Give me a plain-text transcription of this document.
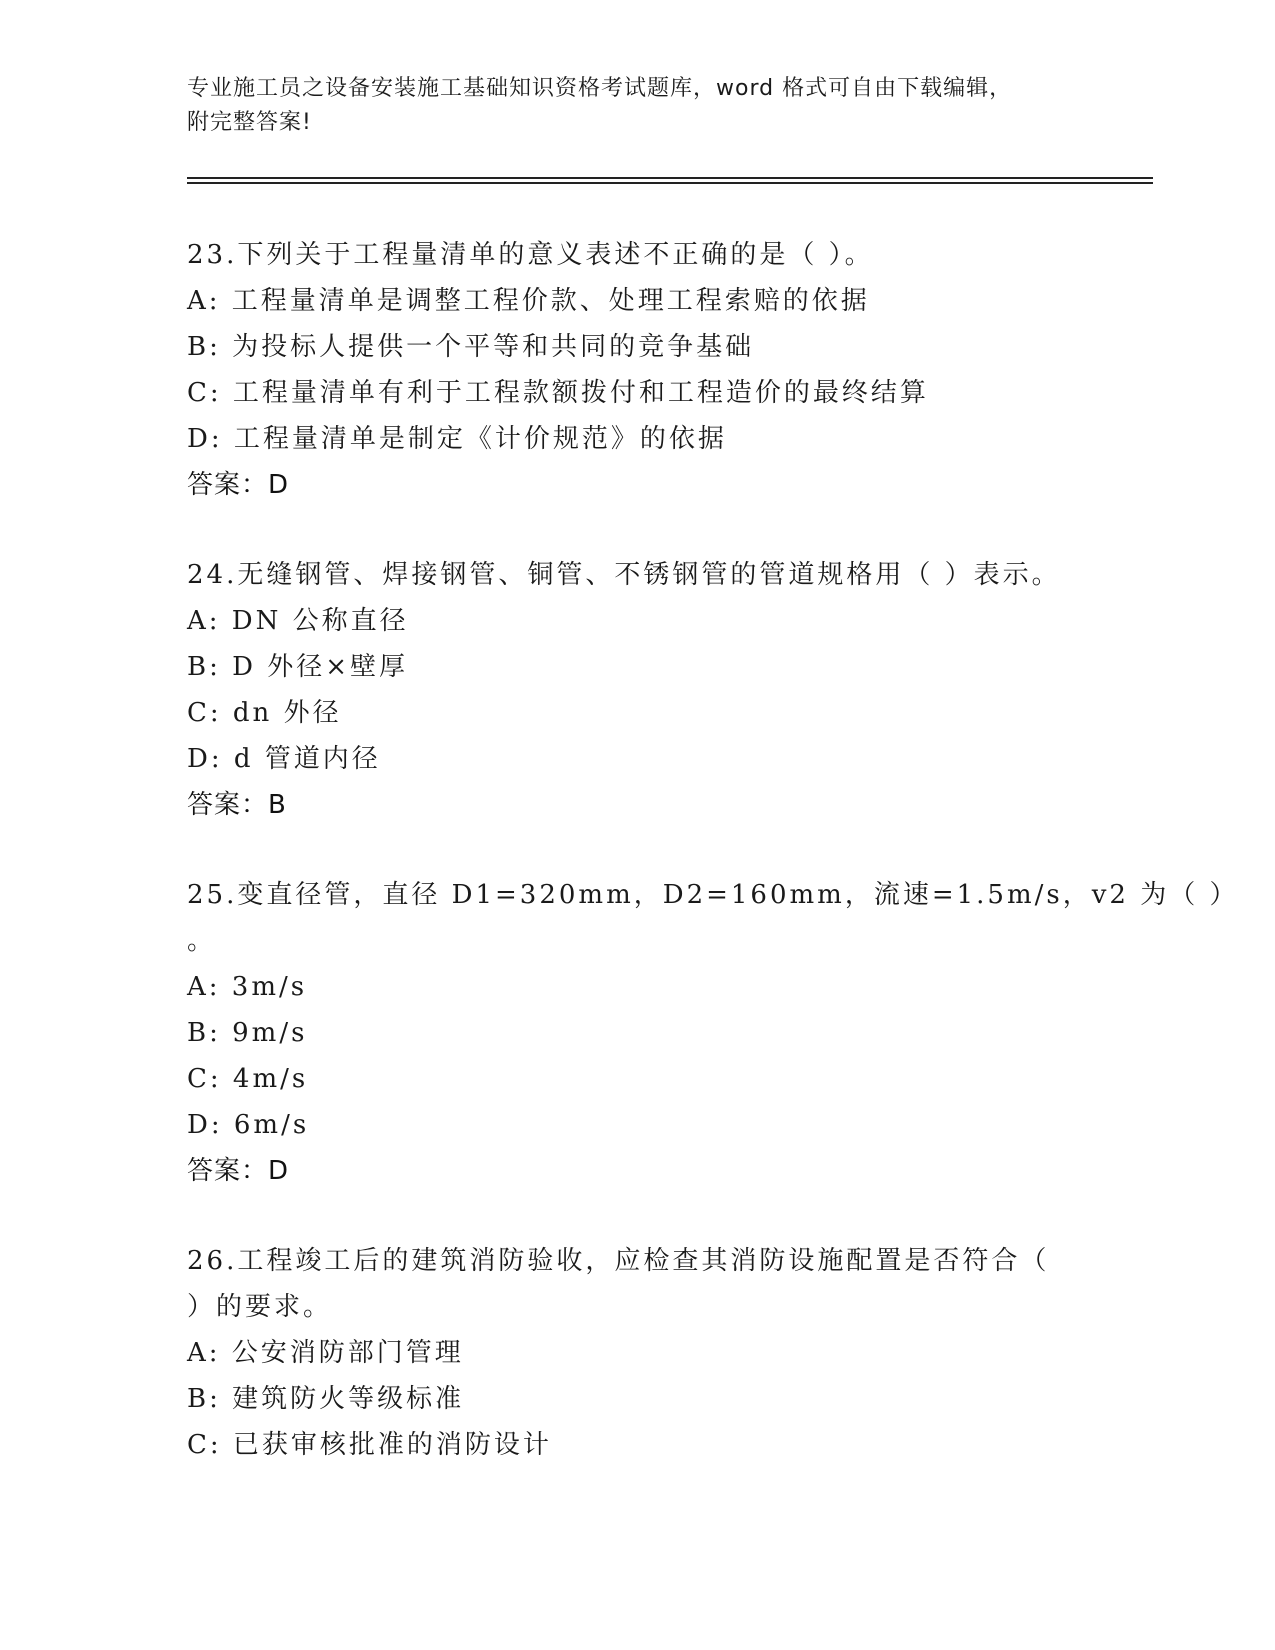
专业施工员之设备安装施工基础知识资格考试题库，word 格式可自由下载编辑，
附完整答案!
23.下列关于工程量清单的意义表述不正确的是（ ）。
A: 工程量清单是调整工程价款、处理工程索赔的依据
B: 为投标人提供一个平等和共同的竞争基础
C: 工程量清单有利于工程款额拨付和工程造价的最终结算
D: 工程量清单是制定《计价规范》的依据
答案：D
24.无缝钢管、焊接钢管、铜管、不锈钢管的管道规格用（ ）表示。
A: DN 公称直径
B: D 外径×壁厚
C: dn 外径
D: d 管道内径
答案：B
25.变直径管，直径 D1=320mm，D2=160mm，流速=1.5m/s，v2 为（ ）
。
A: 3m/s
B: 9m/s
C: 4m/s
D: 6m/s
答案：D
26.工程竣工后的建筑消防验收，应检查其消防设施配置是否符合（
）的要求。
A: 公安消防部门管理
B: 建筑防火等级标准
C: 已获审核批准的消防设计
